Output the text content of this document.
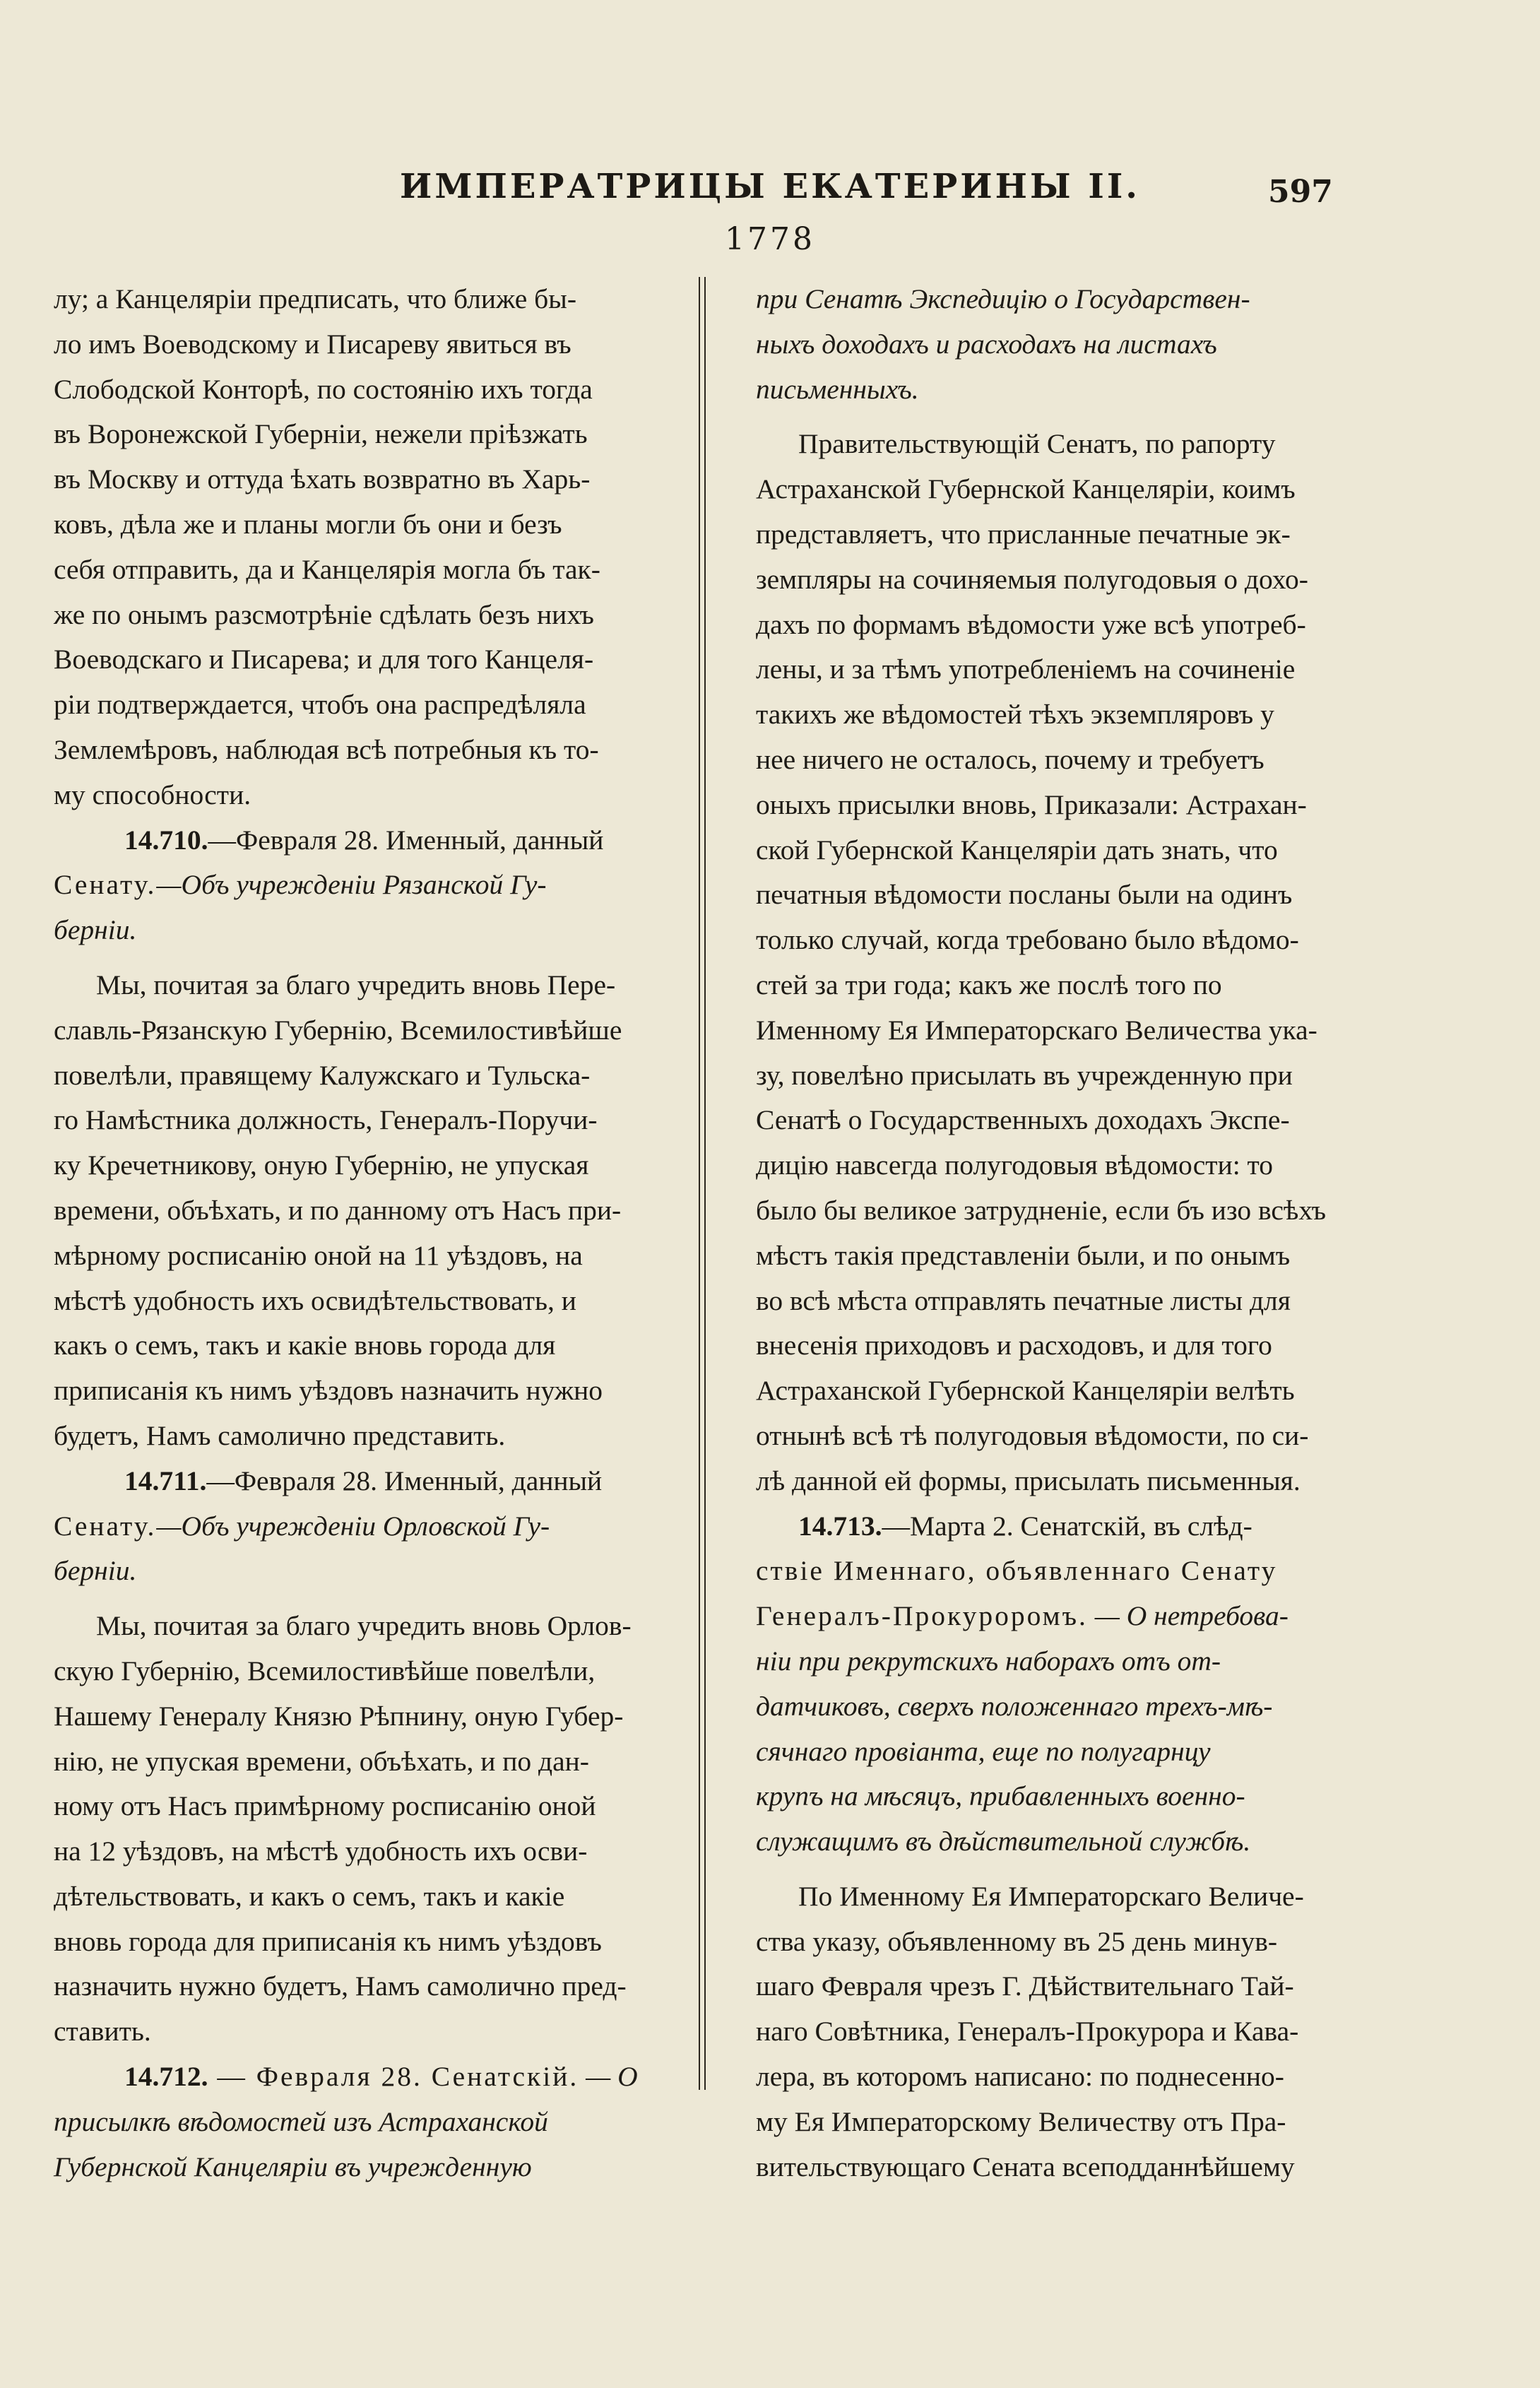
ИМПЕРАТРИЦЫ ЕКАТЕРИНЫ II.	597
1778
лу; а Канцеляріи предписать, что ближе бы-
ло имъ Воеводскому и Писареву явиться въ
Слободской Конторѣ, по состоянію ихъ тогда
въ Воронежской Губерніи, нежели пріѣзжать
въ Москву и оттуда ѣхать возвратно въ Харь-
ковъ, дѣла же и планы могли бъ они и безъ
себя отправить, да и Канцелярія могла бъ так-
же по онымъ разсмотрѣніе сдѣлать безъ нихъ
Воеводскаго и Писарева; и для того Канцеля-
ріи подтверждается, чтобъ она распредѣляла
Землемѣровъ, наблюдая всѣ потребныя къ то-
му способности.
14.710.—Февраля 28. Именный, данный
Сенату.—Объ учрежденіи Рязанской Гу-
берніи.
Мы, почитая за благо учредить вновь Пере-
славль-Рязанскую Губернію, Всемилостивѣйше
повелѣли, правящему Калужскаго и Тульска-
го Намѣстника должность, Генералъ-Поручи-
ку Кречетникову, оную Губернію, не упуская
времени, объѣхать, и по данному отъ Насъ при-
мѣрному росписанію оной на 11 уѣздовъ, на
мѣстѣ удобность ихъ освидѣтельствовать, и
какъ о семъ, такъ и какіе вновь города для
приписанія къ нимъ уѣздовъ назначить нужно
будетъ, Намъ самолично представить.
14.711.—Февраля 28. Именный, данный
Сенату.—Объ учрежденіи Орловской Гу-
берніи.
Мы, почитая за благо учредить вновь Орлов-
скую Губернію, Всемилостивѣйше повелѣли,
Нашему Генералу Князю Рѣпнину, оную Губер-
нію, не упуская времени, объѣхать, и по дан-
ному отъ Насъ примѣрному росписанію оной
на 12 уѣздовъ, на мѣстѣ удобность ихъ осви-
дѣтельствовать, и какъ о семъ, такъ и какіе
вновь города для приписанія къ нимъ уѣздовъ
назначить нужно будетъ, Намъ самолично пред-
ставить.
14.712. — Февраля 28. Сенатскій. — О
присылкѣ вѣдомостей изъ Астраханской
Губернской Канцеляріи въ учрежденную
при Сенатѣ Экспедицію о Государствен-
ныхъ доходахъ и расходахъ на листахъ
письменныхъ.
Правительствующій Сенатъ, по рапорту
Астраханской Губернской Канцеляріи, коимъ
представляетъ, что присланные печатные эк-
земпляры на сочиняемыя полугодовыя о дохо-
дахъ по формамъ вѣдомости уже всѣ употреб-
лены, и за тѣмъ употребленіемъ на сочиненіе
такихъ же вѣдомостей тѣхъ экземпляровъ у
нее ничего не осталось, почему и требуетъ
оныхъ присылки вновь, Приказали: Астрахан-
ской Губернской Канцеляріи дать знать, что
печатныя вѣдомости посланы были на одинъ
только случай, когда требовано было вѣдомо-
стей за три года; какъ же послѣ того по
Именному Ея Императорскаго Величества ука-
зу, повелѣно присылать въ учрежденную при
Сенатѣ о Государственныхъ доходахъ Экспе-
дицію навсегда полугодовыя вѣдомости: то
было бы великое затрудненіе, если бъ изо всѣхъ
мѣстъ такія представленіи были, и по онымъ
во всѣ мѣста отправлять печатные листы для
внесенія приходовъ и расходовъ, и для того
Астраханской Губернской Канцеляріи велѣть
отнынѣ всѣ тѣ полугодовыя вѣдомости, по си-
лѣ данной ей формы, присылать письменныя.
14.713.—Марта 2. Сенатскій, въ слѣд-
ствіе Именнаго, объявленнаго Сенату
Генералъ-Прокуроромъ. — О нетребова-
ніи при рекрутскихъ наборахъ отъ от-
датчиковъ, сверхъ положеннаго трехъ-мѣ-
сячнаго провіанта, еще по полугарнцу
крупъ на мѣсяцъ, прибавленныхъ военно-
служащимъ въ дѣйствительной службѣ.
По Именному Ея Императорскаго Величе-
ства указу, объявленному въ 25 день минув-
шаго Февраля чрезъ Г. Дѣйствительнаго Тай-
наго Совѣтника, Генералъ-Прокурора и Кава-
лера, въ которомъ написано: по поднесенно-
му Ея Императорскому Величеству отъ Пра-
вительствующаго Сената всеподданнѣйшему
